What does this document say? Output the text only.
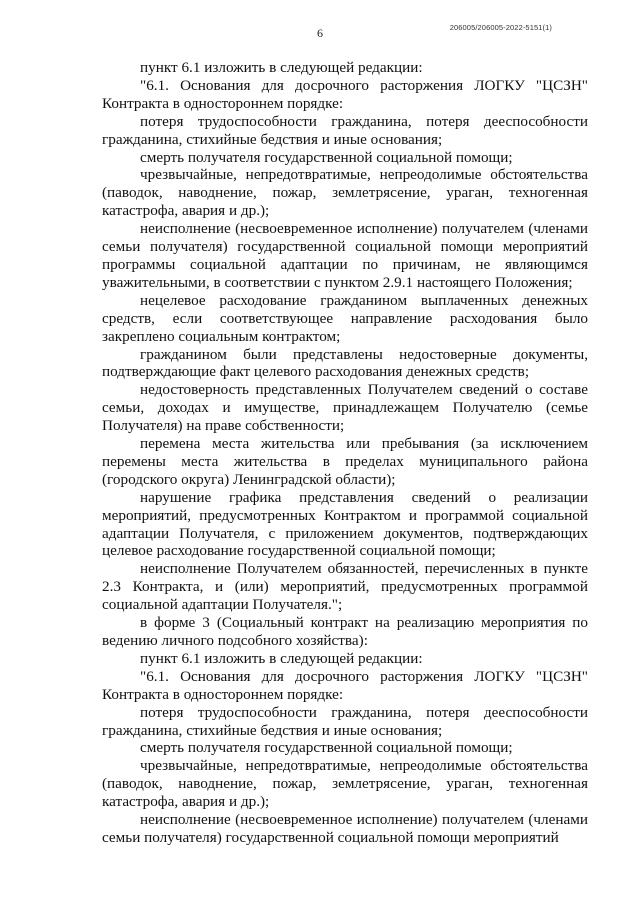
6	206005/206005-2022-5151(1)

пункт 6.1 изложить в следующей редакции:

"6.1. Основания для досрочного расторжения ЛОГКУ "ЦСЗН" Контракта в одностороннем порядке:

потеря трудоспособности гражданина, потеря дееспособности гражданина, стихийные бедствия и иные основания;

смерть получателя государственной социальной помощи;

чрезвычайные, непредотвратимые, непреодолимые обстоятельства (паводок, наводнение, пожар, землетрясение, ураган, техногенная катастрофа, авария и др.);

неисполнение (несвоевременное исполнение) получателем (членами семьи получателя) государственной социальной помощи мероприятий программы социальной адаптации по причинам, не являющимся уважительными, в соответствии с пунктом 2.9.1 настоящего Положения;

нецелевое расходование гражданином выплаченных денежных средств, если соответствующее направление расходования было закреплено социальным контрактом;

гражданином были представлены недостоверные документы, подтверждающие факт целевого расходования денежных средств;

недостоверность представленных Получателем сведений о составе семьи, доходах и имуществе, принадлежащем Получателю (семье Получателя) на праве собственности;

перемена места жительства или пребывания (за исключением перемены места жительства в пределах муниципального района (городского округа) Ленинградской области);

нарушение графика представления сведений о реализации мероприятий, предусмотренных Контрактом и программой социальной адаптации Получателя, с приложением документов, подтверждающих целевое расходование государственной социальной помощи;

неисполнение Получателем обязанностей, перечисленных в пункте 2.3 Контракта, и (или) мероприятий, предусмотренных программой социальной адаптации Получателя.";

в форме 3 (Социальный контракт на реализацию мероприятия по ведению личного подсобного хозяйства):

пункт 6.1 изложить в следующей редакции:

"6.1. Основания для досрочного расторжения ЛОГКУ "ЦСЗН" Контракта в одностороннем порядке:

потеря трудоспособности гражданина, потеря дееспособности гражданина, стихийные бедствия и иные основания;

смерть получателя государственной социальной помощи;

чрезвычайные, непредотвратимые, непреодолимые обстоятельства (паводок, наводнение, пожар, землетрясение, ураган, техногенная катастрофа, авария и др.);

неисполнение (несвоевременное исполнение) получателем (членами семьи получателя) государственной социальной помощи мероприятий
